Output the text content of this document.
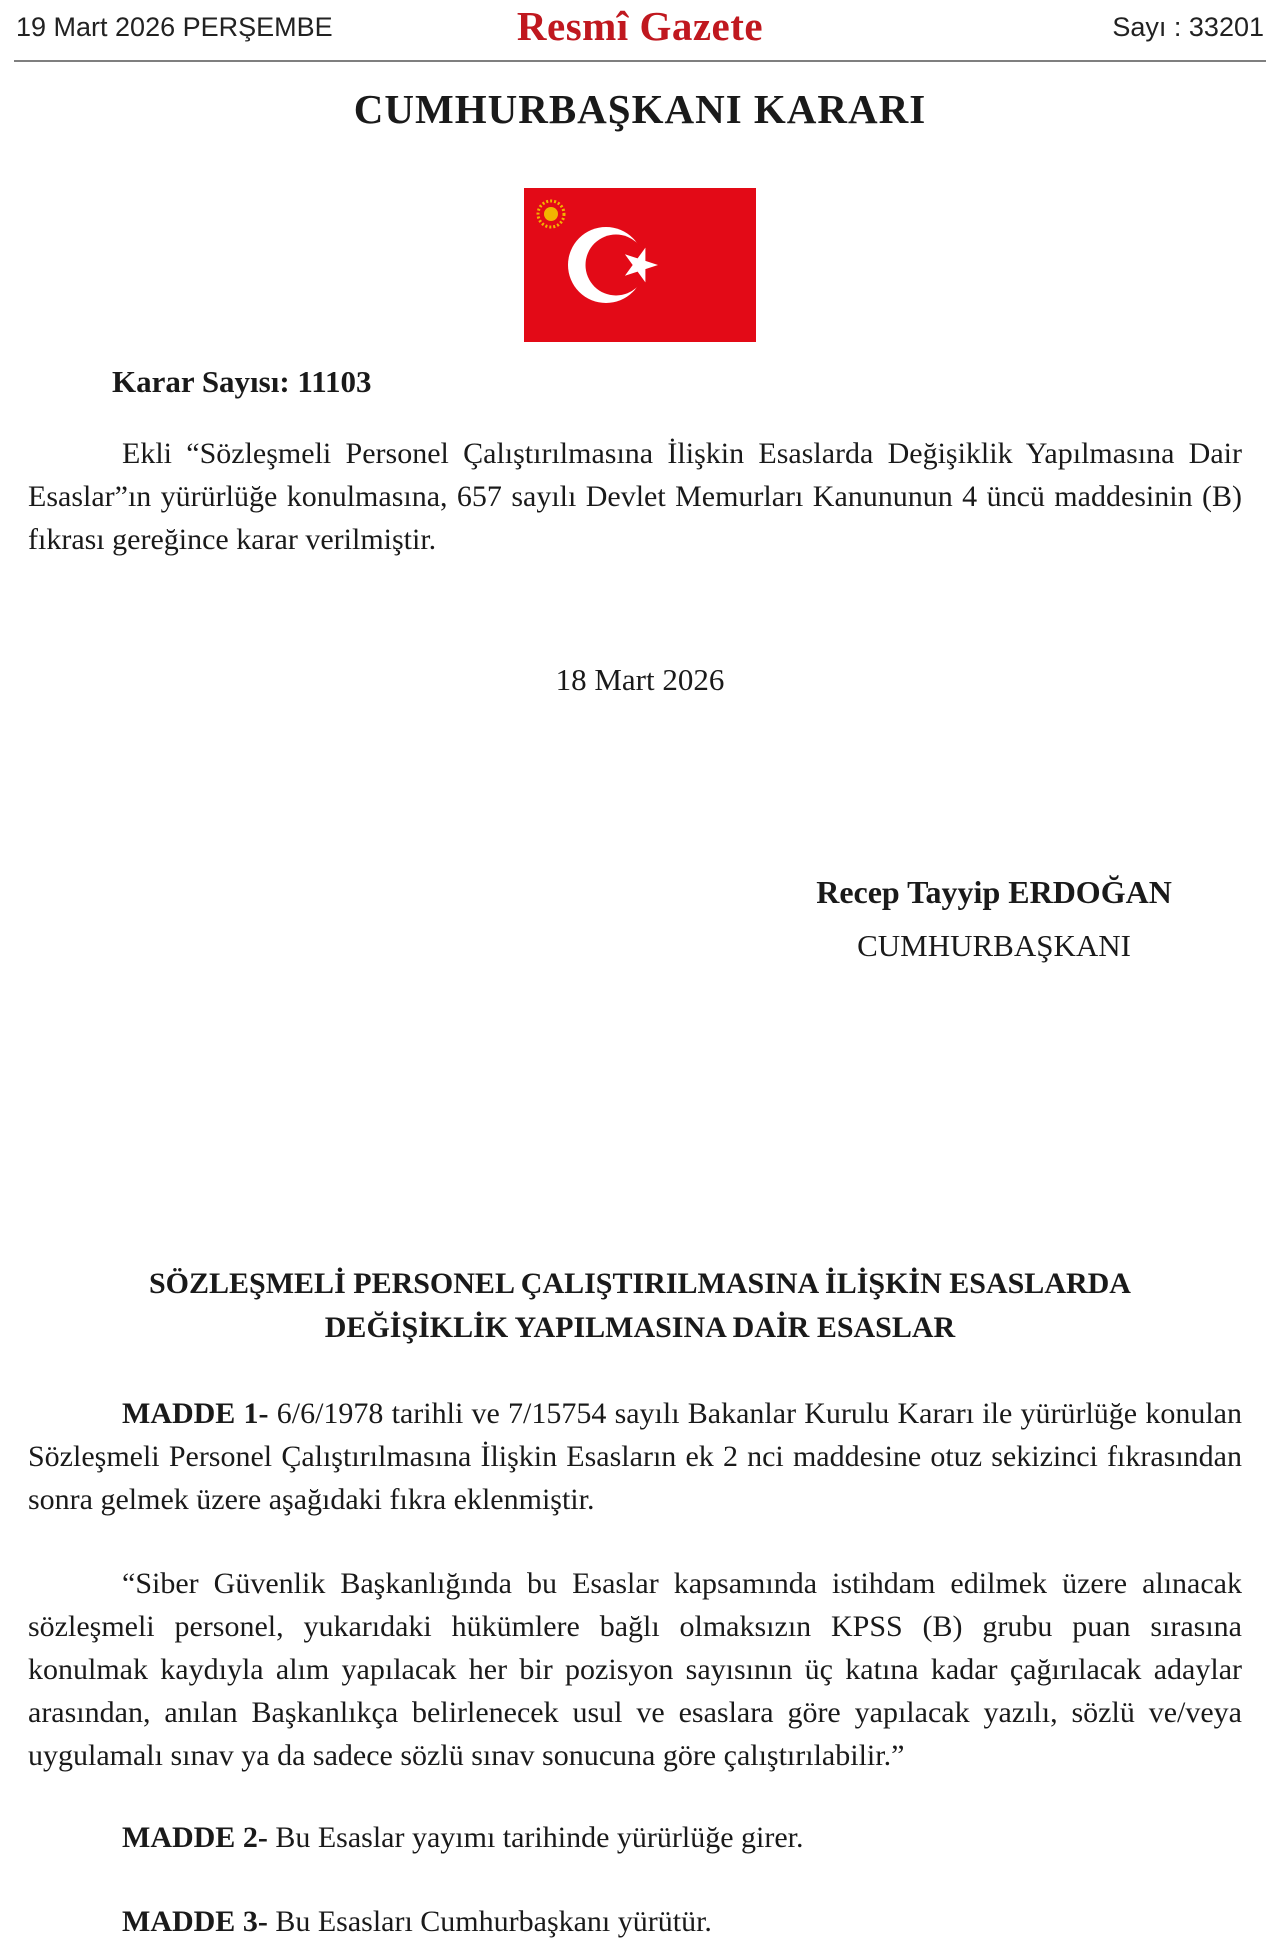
19 Mart 2026 PERŞEMBE	Resmî Gazete	Sayı : 33201
CUMHURBAŞKANI KARARI
Karar Sayısı: 11103

Ekli “Sözleşmeli Personel Çalıştırılmasına İlişkin Esaslarda Değişiklik Yapılmasına Dair Esaslar”ın yürürlüğe konulmasına, 657 sayılı Devlet Memurları Kanununun 4 üncü maddesinin (B) fıkrası gereğince karar verilmiştir.

18 Mart 2026
Recep Tayyip ERDOĞAN
CUMHURBAŞKANI
SÖZLEŞMELİ PERSONEL ÇALIŞTIRILMASINA İLİŞKİN ESASLARDA
DEĞİŞİKLİK YAPILMASINA DAİR ESASLAR

MADDE 1- 6/6/1978 tarihli ve 7/15754 sayılı Bakanlar Kurulu Kararı ile yürürlüğe konulan Sözleşmeli Personel Çalıştırılmasına İlişkin Esasların ek 2 nci maddesine otuz sekizinci fıkrasından sonra gelmek üzere aşağıdaki fıkra eklenmiştir.

“Siber Güvenlik Başkanlığında bu Esaslar kapsamında istihdam edilmek üzere alınacak sözleşmeli personel, yukarıdaki hükümlere bağlı olmaksızın KPSS (B) grubu puan sırasına konulmak kaydıyla alım yapılacak her bir pozisyon sayısının üç katına kadar çağırılacak adaylar arasından, anılan Başkanlıkça belirlenecek usul ve esaslara göre yapılacak yazılı, sözlü ve/veya uygulamalı sınav ya da sadece sözlü sınav sonucuna göre çalıştırılabilir.”

MADDE 2- Bu Esaslar yayımı tarihinde yürürlüğe girer.

MADDE 3- Bu Esasları Cumhurbaşkanı yürütür.
